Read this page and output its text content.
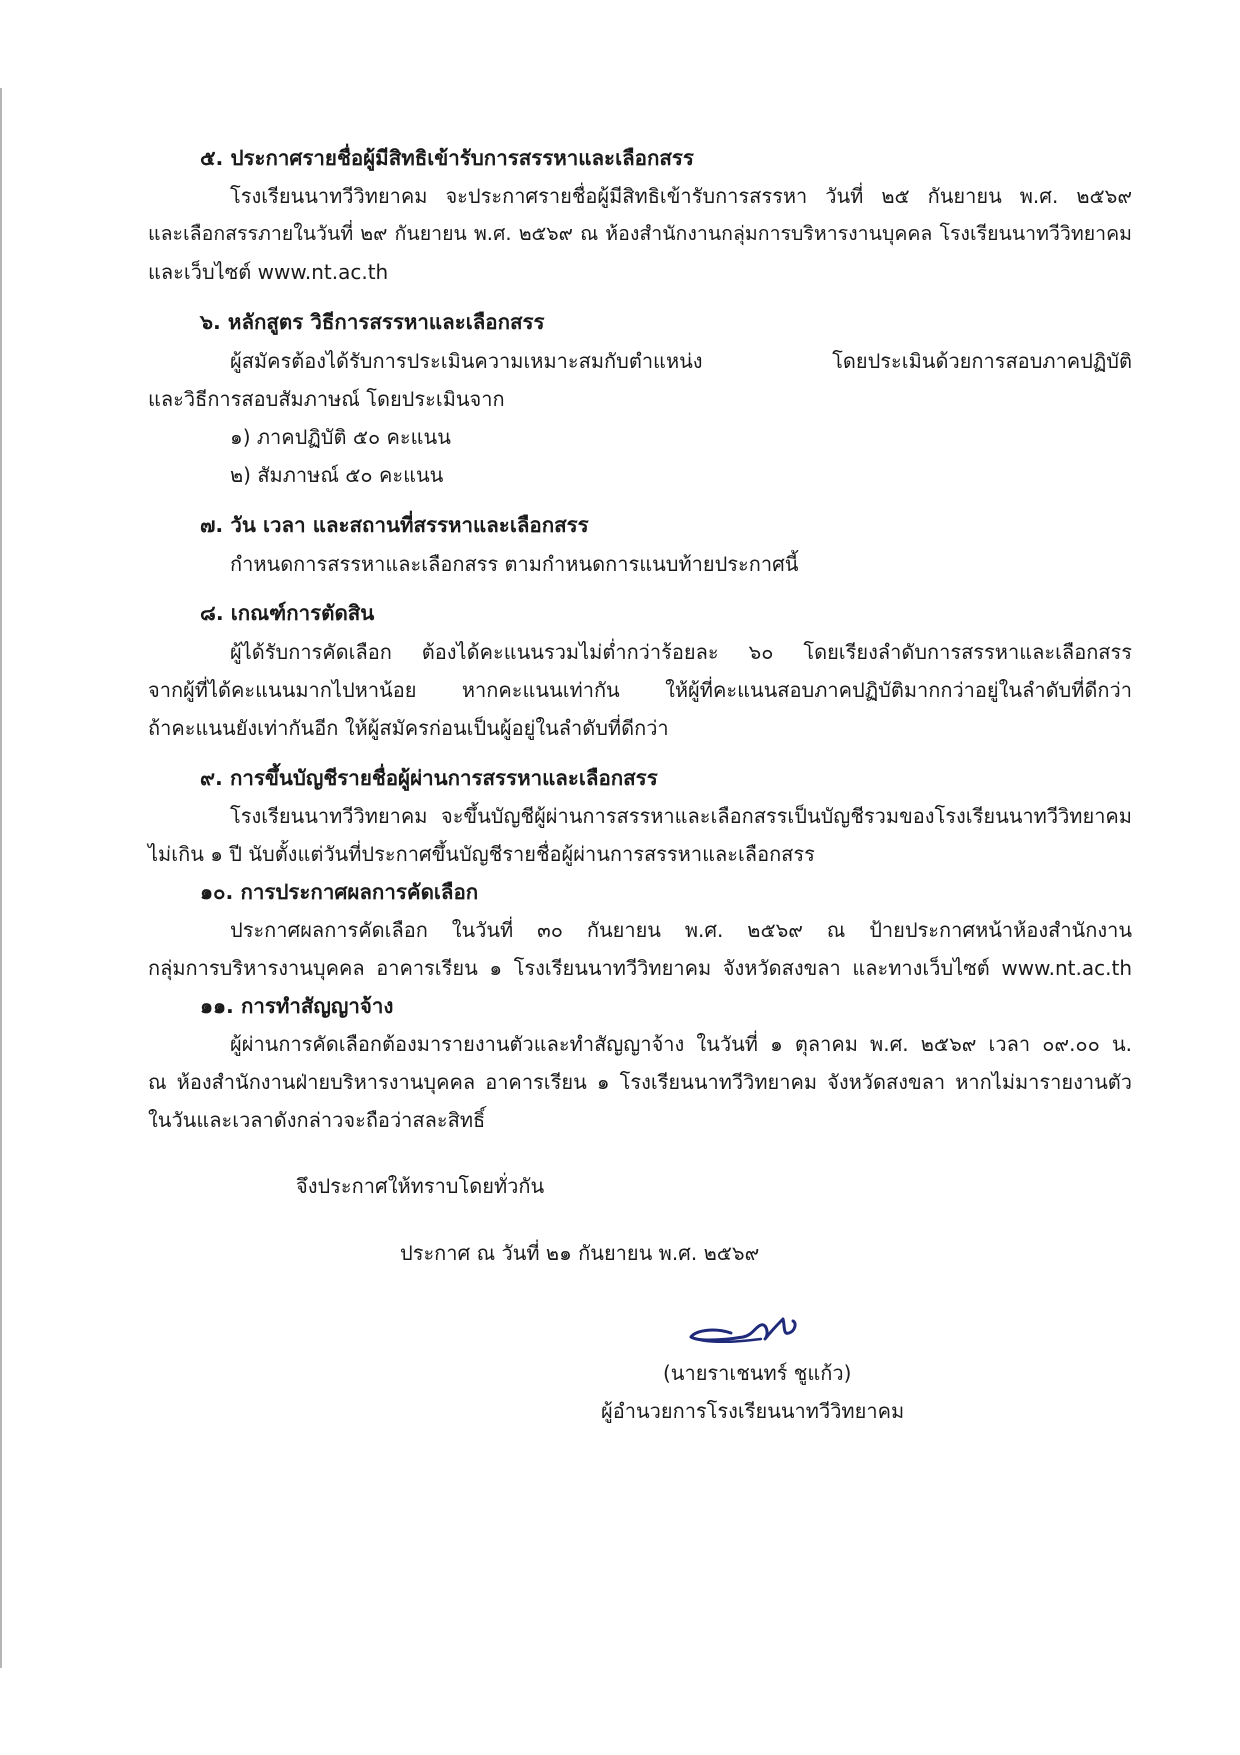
๕. ประกาศรายชื่อผู้มีสิทธิเข้ารับการสรรหาและเลือกสรร
โรงเรียนนาทวีวิทยาคม จะประกาศรายชื่อผู้มีสิทธิเข้ารับการสรรหา วันที่ ๒๕ กันยายน พ.ศ. ๒๕๖๙
และเลือกสรรภายในวันที่ ๒๙ กันยายน พ.ศ. ๒๕๖๙ ณ ห้องสำนักงานกลุ่มการบริหารงานบุคคล โรงเรียนนาทวีวิทยาคม
และเว็บไซต์ www.nt.ac.th
๖. หลักสูตร วิธีการสรรหาและเลือกสรร
ผู้สมัครต้องได้รับการประเมินความเหมาะสมกับตำแหน่ง โดยประเมินด้วยการสอบภาคปฏิบัติ
และวิธีการสอบสัมภาษณ์ โดยประเมินจาก
๑) ภาคปฏิบัติ ๕๐ คะแนน
๒) สัมภาษณ์ ๕๐ คะแนน
๗. วัน เวลา และสถานที่สรรหาและเลือกสรร
กำหนดการสรรหาและเลือกสรร ตามกำหนดการแนบท้ายประกาศนี้
๘. เกณฑ์การตัดสิน
ผู้ได้รับการคัดเลือก ต้องได้คะแนนรวมไม่ต่ำกว่าร้อยละ ๖๐ โดยเรียงลำดับการสรรหาและเลือกสรร
จากผู้ที่ได้คะแนนมากไปหาน้อย หากคะแนนเท่ากัน ให้ผู้ที่คะแนนสอบภาคปฏิบัติมากกว่าอยู่ในลำดับที่ดีกว่า
ถ้าคะแนนยังเท่ากันอีก ให้ผู้สมัครก่อนเป็นผู้อยู่ในลำดับที่ดีกว่า
๙. การขึ้นบัญชีรายชื่อผู้ผ่านการสรรหาและเลือกสรร
โรงเรียนนาทวีวิทยาคม จะขึ้นบัญชีผู้ผ่านการสรรหาและเลือกสรรเป็นบัญชีรวมของโรงเรียนนาทวีวิทยาคม
ไม่เกิน ๑ ปี นับตั้งแต่วันที่ประกาศขึ้นบัญชีรายชื่อผู้ผ่านการสรรหาและเลือกสรร
๑๐. การประกาศผลการคัดเลือก
ประกาศผลการคัดเลือก ในวันที่ ๓๐ กันยายน พ.ศ. ๒๕๖๙ ณ ป้ายประกาศหน้าห้องสำนักงาน
กลุ่มการบริหารงานบุคคล อาคารเรียน ๑ โรงเรียนนาทวีวิทยาคม จังหวัดสงขลา และทางเว็บไซต์ www.nt.ac.th
๑๑. การทำสัญญาจ้าง
ผู้ผ่านการคัดเลือกต้องมารายงานตัวและทำสัญญาจ้าง ในวันที่ ๑ ตุลาคม พ.ศ. ๒๕๖๙ เวลา ๐๙.๐๐ น.
ณ ห้องสำนักงานฝ่ายบริหารงานบุคคล อาคารเรียน ๑ โรงเรียนนาทวีวิทยาคม จังหวัดสงขลา หากไม่มารายงานตัว
ในวันและเวลาดังกล่าวจะถือว่าสละสิทธิ์
จึงประกาศให้ทราบโดยทั่วกัน
ประกาศ ณ วันที่ ๒๑ กันยายน พ.ศ. ๒๕๖๙
(นายราเชนทร์ ชูแก้ว)
ผู้อำนวยการโรงเรียนนาทวีวิทยาคม
